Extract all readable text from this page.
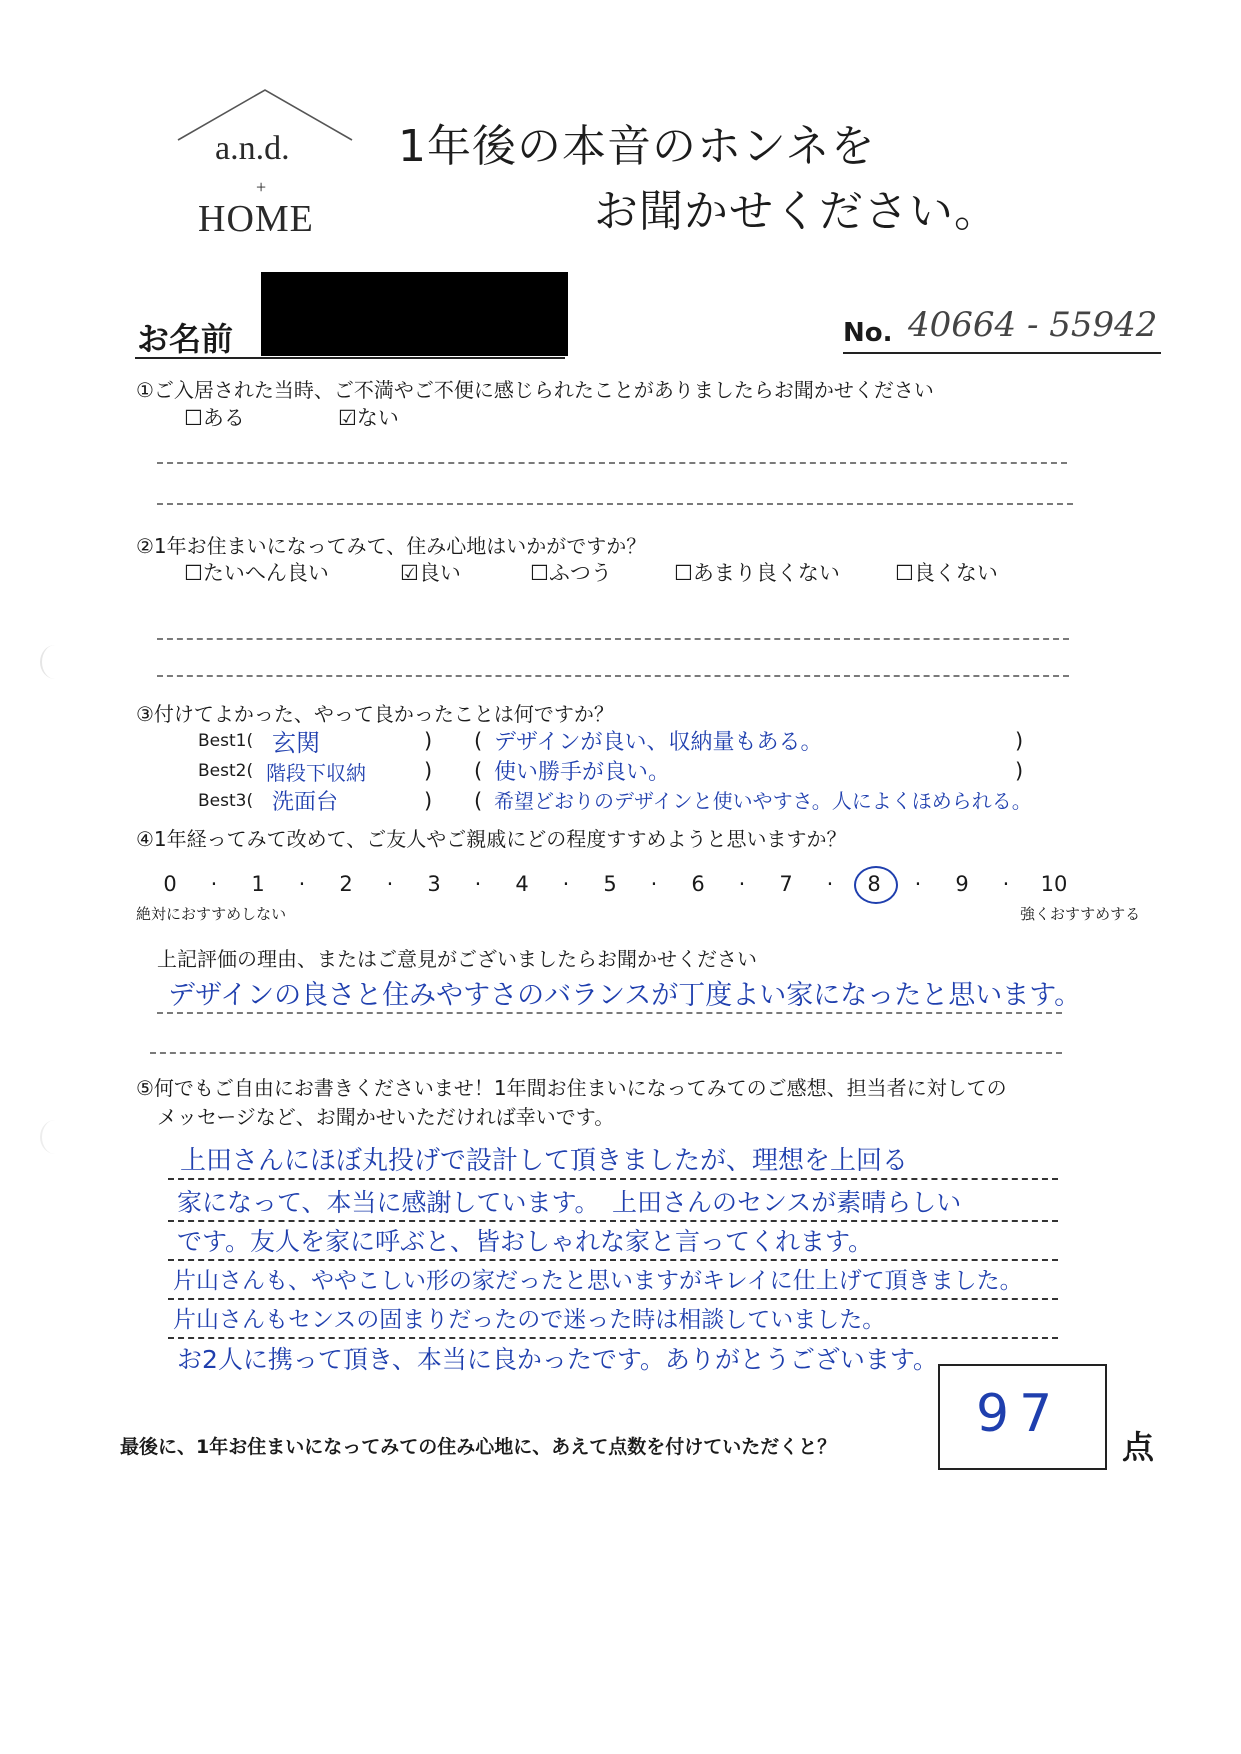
a.n.d.
+
HOME
1年後の本音のホンネを
お聞かせください。
お名前	No. 40664 - 55942
①ご入居された当時、ご不満やご不便に感じられたことがありましたらお聞かせください
☐ある	☑ない
②1年お住まいになってみて、住み心地はいかがですか？
☐たいへん良い	☑良い	☐ふつう	☐あまり良くない	☐良くない
③付けてよかった、やって良かったことは何ですか？
Best1( 玄関	) ( デザインが良い、収納量もある。	)
Best2( 階段下収納	) ( 使い勝手が良い。	)
Best3( 洗面台	) ( 希望どおりのデザインと使いやすさ。人によくほめられる。
④1年経ってみて改めて、ご友人やご親戚にどの程度すすめようと思いますか？
0	·	1	·	2	·	3	·	4	·	5	·	6	·	7	·	8	·	9	·	10
絶対におすすめしない	強くおすすめする
上記評価の理由、またはご意見がございましたらお聞かせください
デザインの良さと住みやすさのバランスが丁度よい家になったと思います。
⑤何でもご自由にお書きくださいませ！1年間お住まいになってみてのご感想、担当者に対しての
メッセージなど、お聞かせいただければ幸いです。
上田さんにほぼ丸投げで設計して頂きましたが、理想を上回る
家になって、本当に感謝しています。　上田さんのセンスが素晴らしい
です。友人を家に呼ぶと、皆おしゃれな家と言ってくれます。
片山さんも、ややこしい形の家だったと思いますがキレイに仕上げて頂きました。
片山さんもセンスの固まりだったので迷った時は相談していました。
お2人に携って頂き、本当に良かったです。ありがとうございます。
最後に、1年お住まいになってみての住み心地に、あえて点数を付けていただくと？
97
点
